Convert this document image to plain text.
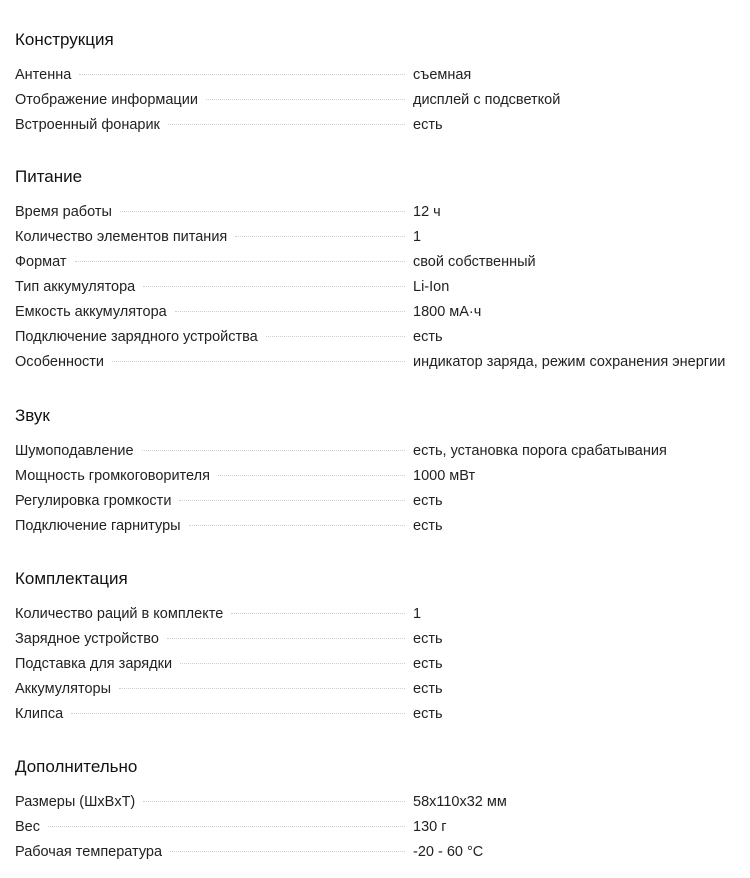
Конструкция
Антенна	съемная
Отображение информации	дисплей с подсветкой
Встроенный фонарик	есть
Питание
Время работы	12 ч
Количество элементов питания	1
Формат	свой собственный
Тип аккумулятора	Li-Ion
Емкость аккумулятора	1800 мА·ч
Подключение зарядного устройства	есть
Особенности	индикатор заряда, режим сохранения энергии
Звук
Шумоподавление	есть, установка порога срабатывания
Мощность громкоговорителя	1000 мВт
Регулировка громкости	есть
Подключение гарнитуры	есть
Комплектация
Количество раций в комплекте	1
Зарядное устройство	есть
Подставка для зарядки	есть
Аккумуляторы	есть
Клипса	есть
Дополнительно
Размеры (ШxВxТ)	58x110x32 мм
Вес	130 г
Рабочая температура	-20 - 60 °C
